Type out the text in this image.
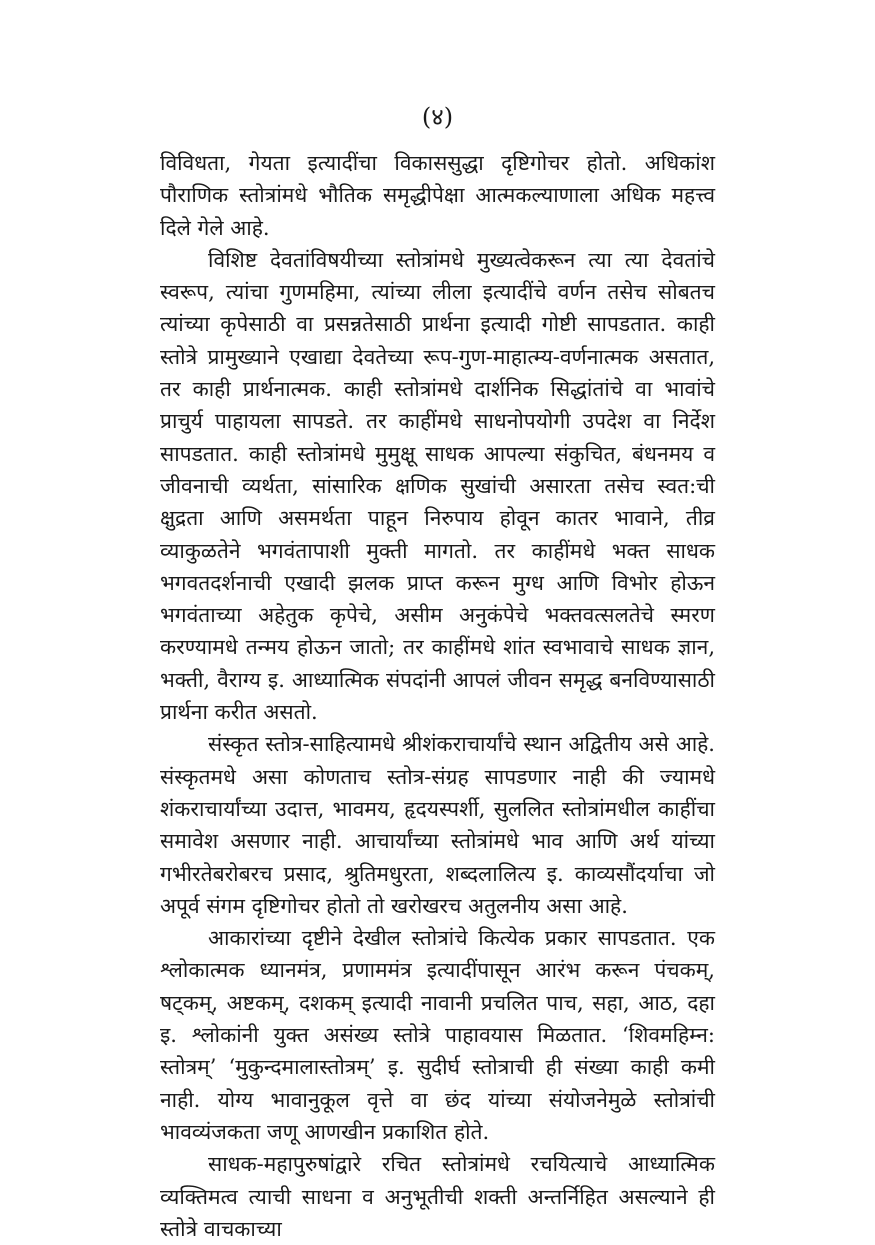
(४)

विविधता, गेयता इत्यादींचा विकाससुद्धा दृष्टिगोचर होतो. अधिकांश पौराणिक स्तोत्रांमधे भौतिक समृद्धीपेक्षा आत्मकल्याणाला अधिक महत्त्व दिले गेले आहे.

विशिष्ट देवतांविषयीच्या स्तोत्रांमधे मुख्यत्वेकरून त्या त्या देवतांचे स्वरूप, त्यांचा गुणमहिमा, त्यांच्या लीला इत्यादींचे वर्णन तसेच सोबतच त्यांच्या कृपेसाठी वा प्रसन्नतेसाठी प्रार्थना इत्यादी गोष्टी सापडतात. काही स्तोत्रे प्रामुख्याने एखाद्या देवतेच्या रूप-गुण-माहात्म्य-वर्णनात्मक असतात, तर काही प्रार्थनात्मक. काही स्तोत्रांमधे दार्शनिक सिद्धांतांचे वा भावांचे प्राचुर्य पाहायला सापडते. तर काहींमधे साधनोपयोगी उपदेश वा निर्देश सापडतात. काही स्तोत्रांमधे मुमुक्षू साधक आपल्या संकुचित, बंधनमय व जीवनाची व्यर्थता, सांसारिक क्षणिक सुखांची असारता तसेच स्वत:ची क्षुद्रता आणि असमर्थता पाहून निरुपाय होवून कातर भावाने, तीव्र व्याकुळतेने भगवंतापाशी मुक्ती मागतो. तर काहींमधे भक्त साधक भगवतदर्शनाची एखादी झलक प्राप्त करून मुग्ध आणि विभोर होऊन भगवंताच्या अहेतुक कृपेचे, असीम अनुकंपेचे भक्तवत्सलतेचे स्मरण करण्यामधे तन्मय होऊन जातो; तर काहींमधे शांत स्वभावाचे साधक ज्ञान, भक्ती, वैराग्य इ. आध्यात्मिक संपदांनी आपलं जीवन समृद्ध बनविण्यासाठी प्रार्थना करीत असतो.

संस्कृत स्तोत्र-साहित्यामधे श्रीशंकराचार्यांचे स्थान अद्वितीय असे आहे. संस्कृतमधे असा कोणताच स्तोत्र-संग्रह सापडणार नाही की ज्यामधे शंकराचार्यांच्या उदात्त, भावमय, हृदयस्पर्शी, सुललित स्तोत्रांमधील काहींचा समावेश असणार नाही. आचार्यांच्या स्तोत्रांमधे भाव आणि अर्थ यांच्या गभीरतेबरोबरच प्रसाद, श्रुतिमधुरता, शब्दलालित्य इ. काव्यसौंदर्याचा जो अपूर्व संगम दृष्टिगोचर होतो तो खरोखरच अतुलनीय असा आहे.

आकारांच्या दृष्टीने देखील स्तोत्रांचे कित्येक प्रकार सापडतात. एक श्लोकात्मक ध्यानमंत्र, प्रणाममंत्र इत्यादींपासून आरंभ करून पंचकम्, षट्कम्, अष्टकम्, दशकम् इत्यादी नावानी प्रचलित पाच, सहा, आठ, दहा इ. श्लोकांनी युक्त असंख्य स्तोत्रे पाहावयास मिळतात. ‘शिवमहिम्न: स्तोत्रम्’ ‘मुकुन्दमालास्तोत्रम्’ इ. सुदीर्घ स्तोत्राची ही संख्या काही कमी नाही. योग्य भावानुकूल वृत्ते वा छंद यांच्या संयोजनेमुळे स्तोत्रांची भावव्यंजकता जणू आणखीन प्रकाशित होते.

साधक-महापुरुषांद्वारे रचित स्तोत्रांमधे रचयित्याचे आध्यात्मिक व्यक्तिमत्व त्याची साधना व अनुभूतीची शक्ती अन्तर्निहित असल्याने ही स्तोत्रे वाचकाच्या
